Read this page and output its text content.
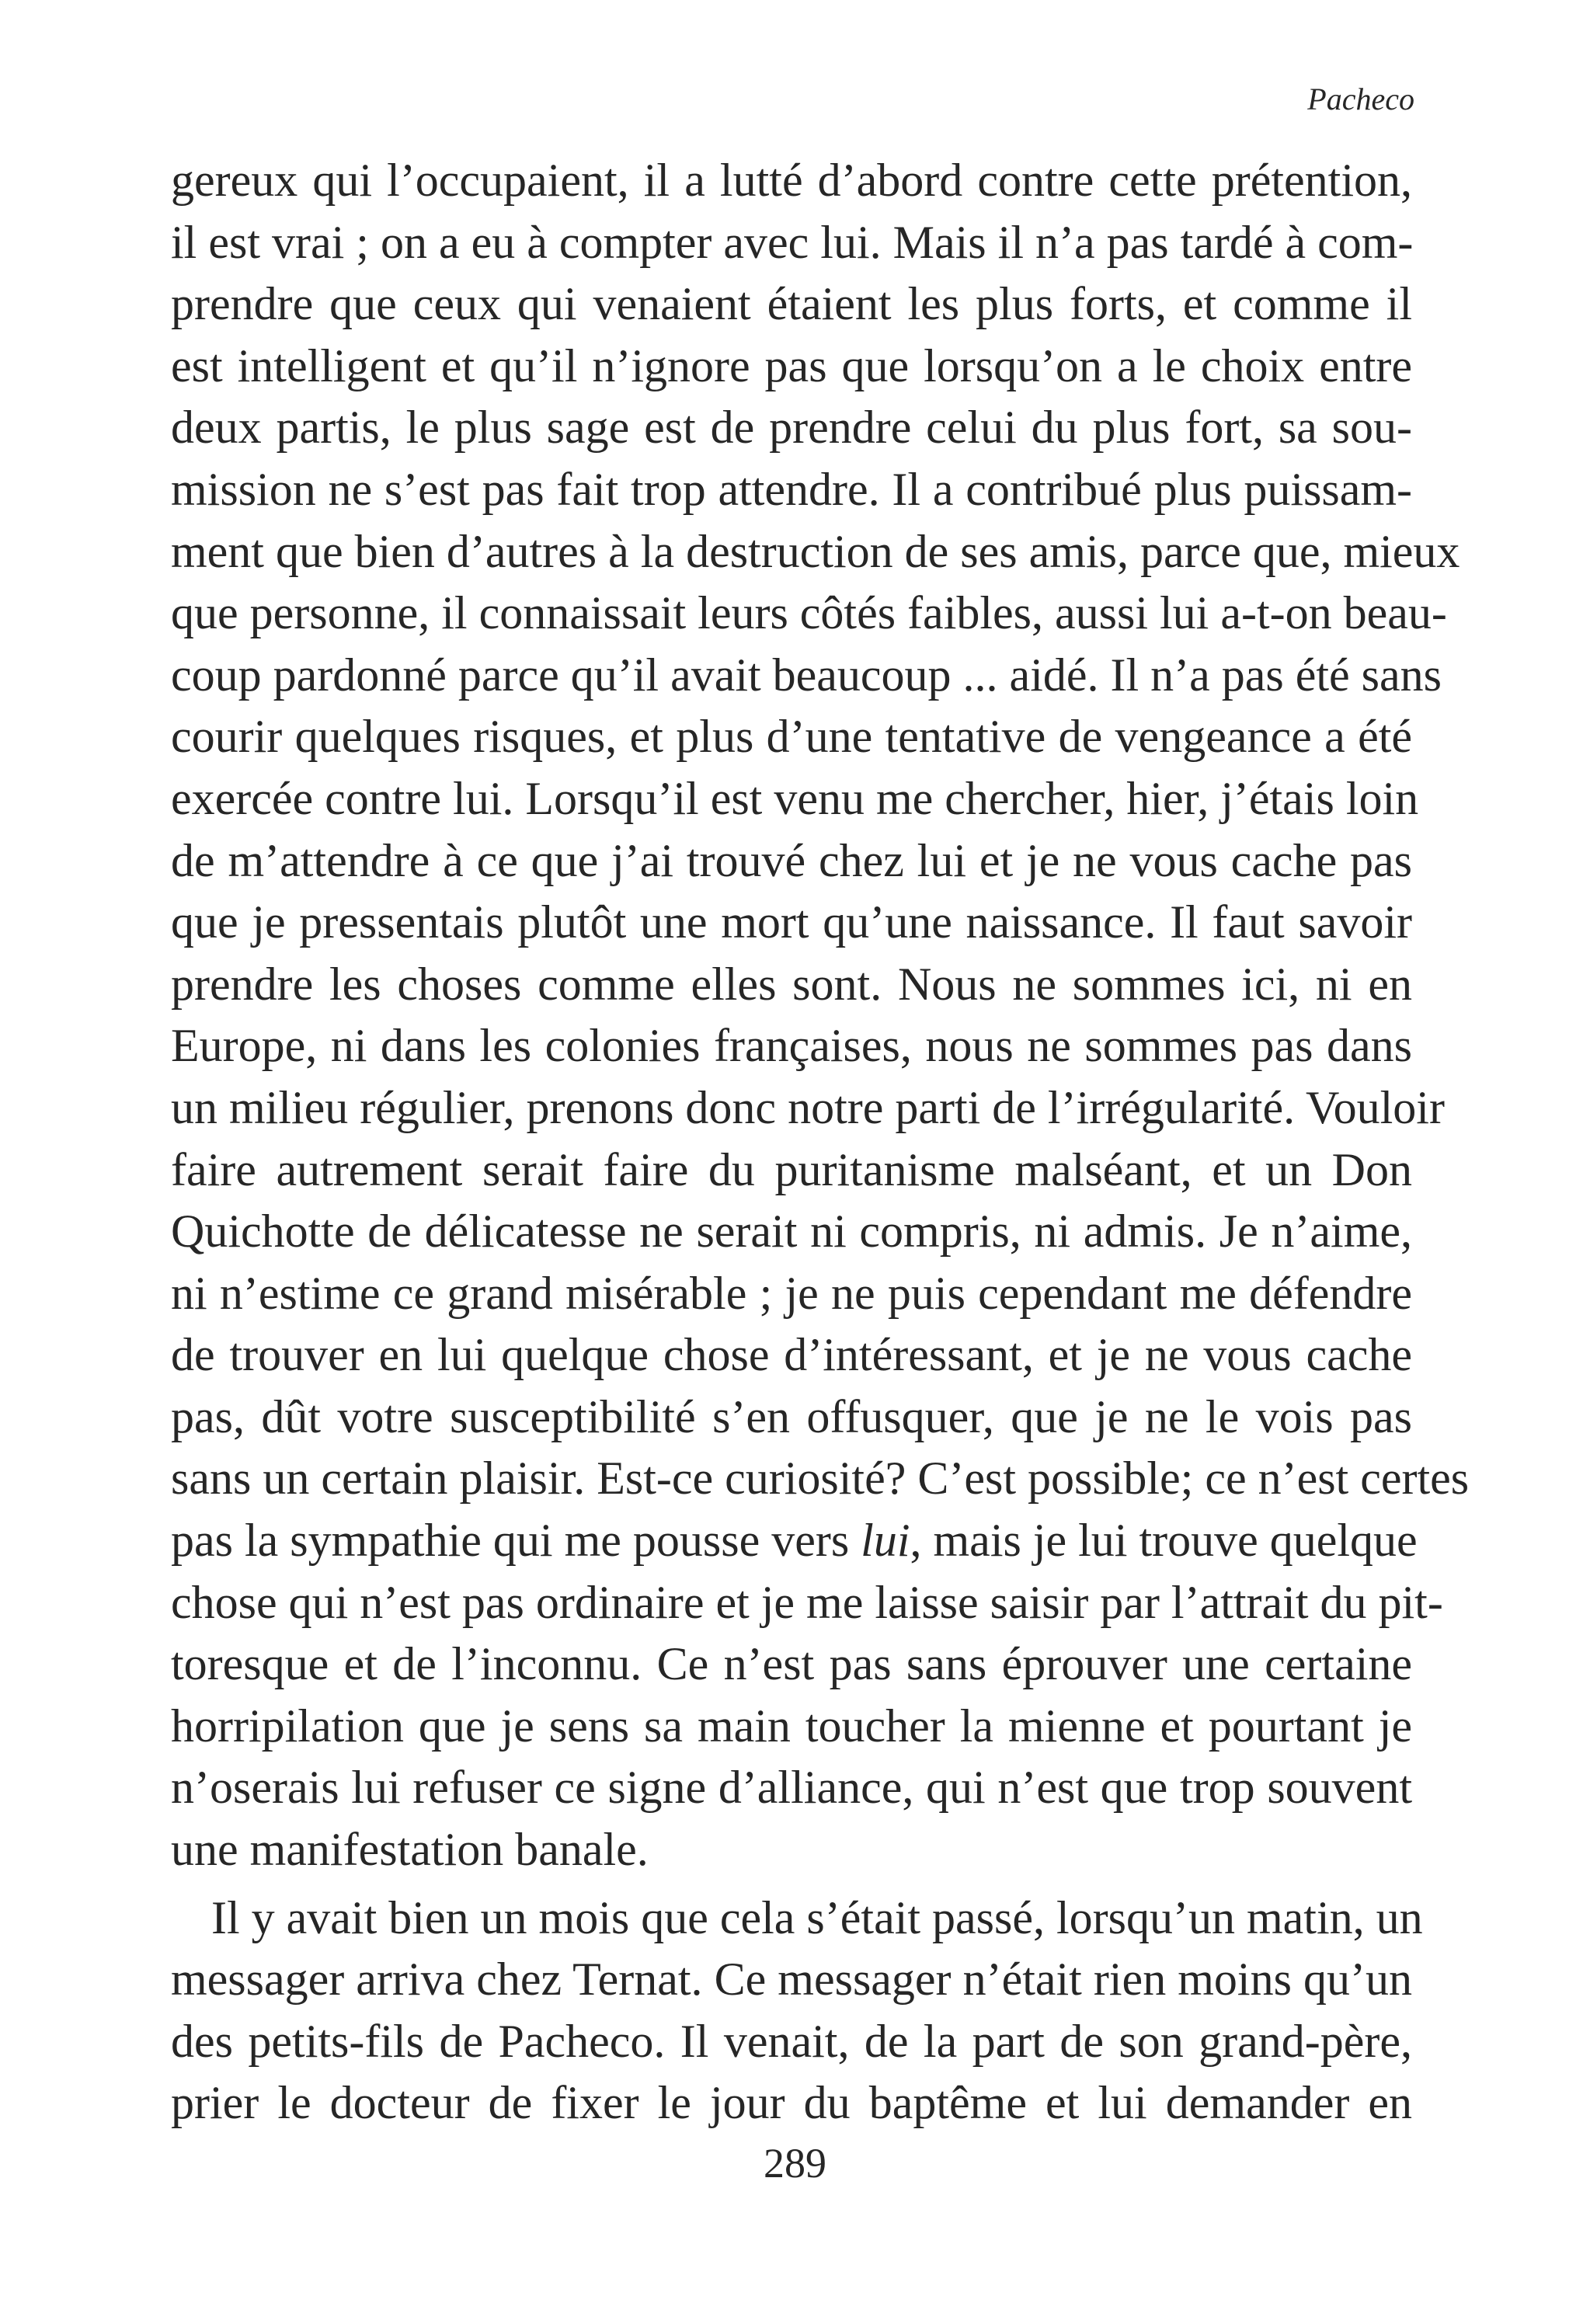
Pacheco
gereux qui l’occupaient, il a lutté d’abord contre cette prétention,
il est vrai ; on a eu à compter avec lui. Mais il n’a pas tardé à com-
prendre que ceux qui venaient étaient les plus forts, et comme il
est intelligent et qu’il n’ignore pas que lorsqu’on a le choix entre
deux partis, le plus sage est de prendre celui du plus fort, sa sou-
mission ne s’est pas fait trop attendre. Il a contribué plus puissam-
ment que bien d’autres à la destruction de ses amis, parce que, mieux
que personne, il connaissait leurs côtés faibles, aussi lui a-t-on beau-
coup pardonné parce qu’il avait beaucoup ... aidé. Il n’a pas été sans
courir quelques risques, et plus d’une tentative de vengeance a été
exercée contre lui. Lorsqu’il est venu me chercher, hier, j’étais loin
de m’attendre à ce que j’ai trouvé chez lui et je ne vous cache pas
que je pressentais plutôt une mort qu’une naissance. Il faut savoir
prendre les choses comme elles sont. Nous ne sommes ici, ni en
Europe, ni dans les colonies françaises, nous ne sommes pas dans
un milieu régulier, prenons donc notre parti de l’irrégularité. Vouloir
faire autrement serait faire du puritanisme malséant, et un Don
Quichotte de délicatesse ne serait ni compris, ni admis. Je n’aime,
ni n’estime ce grand misérable ; je ne puis cependant me défendre
de trouver en lui quelque chose d’intéressant, et je ne vous cache
pas, dût votre susceptibilité s’en offusquer, que je ne le vois pas
sans un certain plaisir. Est-ce curiosité? C’est possible; ce n’est certes
pas la sympathie qui me pousse vers lui, mais je lui trouve quelque
chose qui n’est pas ordinaire et je me laisse saisir par l’attrait du pit-
toresque et de l’inconnu. Ce n’est pas sans éprouver une certaine
horripilation que je sens sa main toucher la mienne et pourtant je
n’oserais lui refuser ce signe d’alliance, qui n’est que trop souvent
une manifestation banale.
Il y avait bien un mois que cela s’était passé, lorsqu’un matin, un
messager arriva chez Ternat. Ce messager n’était rien moins qu’un
des petits-fils de Pacheco. Il venait, de la part de son grand-père,
prier le docteur de fixer le jour du baptême et lui demander en
289
